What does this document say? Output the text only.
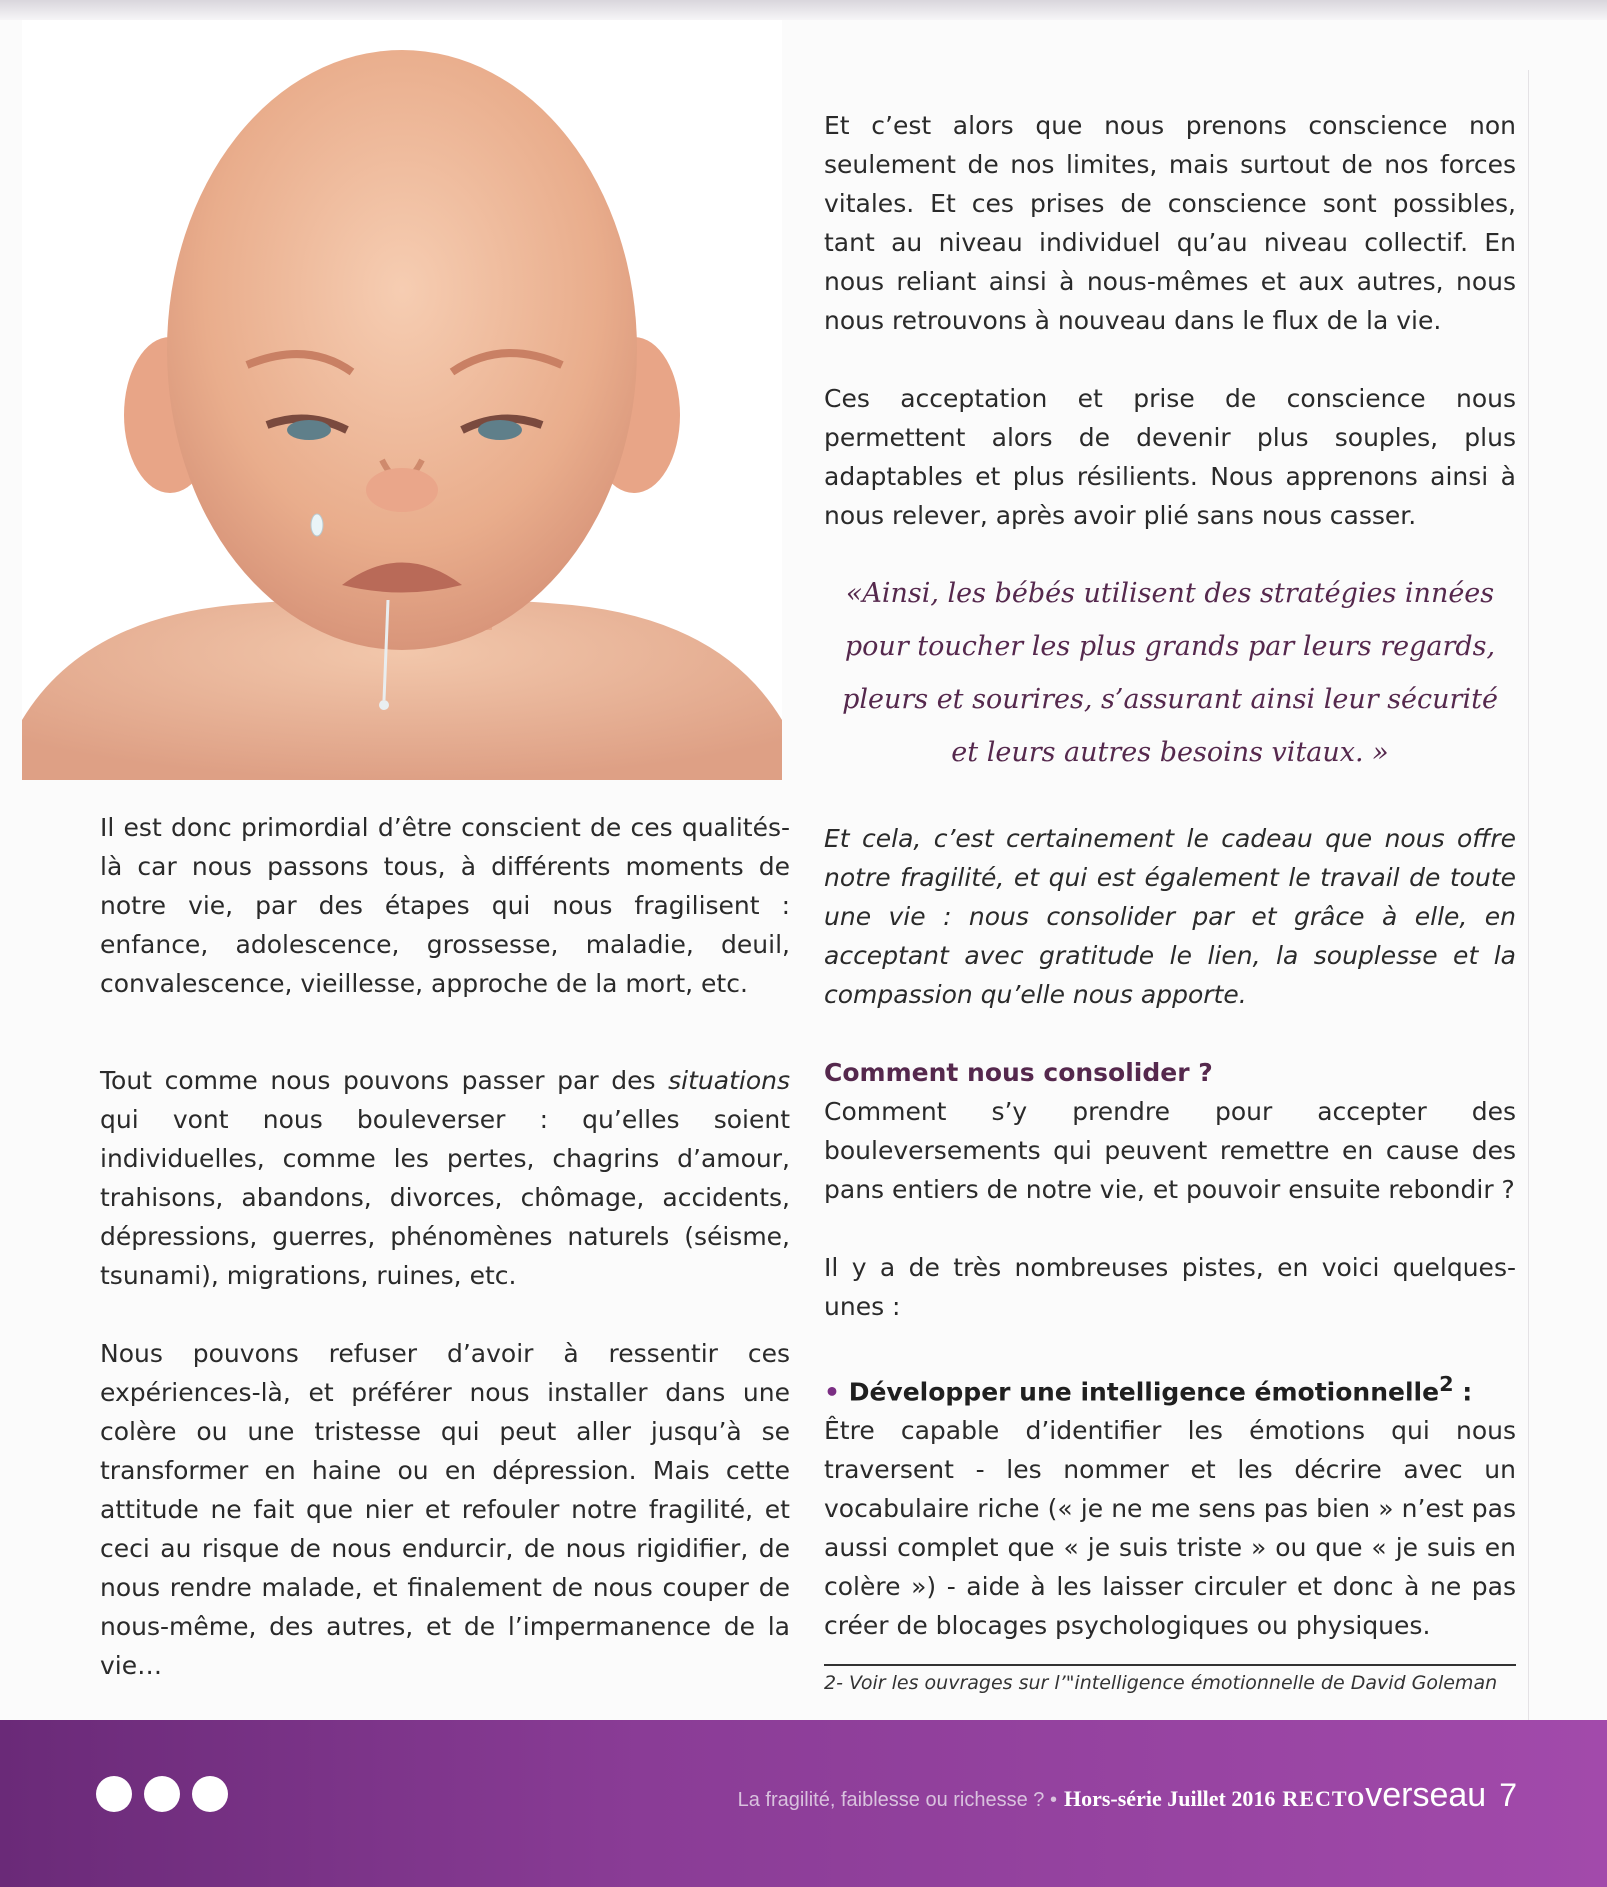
Il est donc primordial d’être conscient de ces qualités-là car nous passons tous, à différents moments de notre vie, par des étapes qui nous fragilisent : enfance, adolescence, grossesse, maladie, deuil, convalescence, vieillesse, approche de la mort, etc.

Tout comme nous pouvons passer par des situations qui vont nous bouleverser : qu’elles soient individuelles, comme les pertes, chagrins d’amour, trahisons, abandons, divorces, chômage, accidents, dépressions, guerres, phénomènes naturels (séisme, tsunami), migrations, ruines, etc.

Nous pouvons refuser d’avoir à ressentir ces expériences-là, et préférer nous installer dans une colère ou une tristesse qui peut aller jusqu’à se transformer en haine ou en dépression. Mais cette attitude ne fait que nier et refouler notre fragilité, et ceci au risque de nous endurcir, de nous rigidifier, de nous rendre malade, et finalement de nous couper de nous-même, des autres, et de l’impermanence de la vie…

Et c’est alors que nous prenons conscience non seulement de nos limites, mais surtout de nos forces vitales. Et ces prises de conscience sont possibles, tant au niveau individuel qu’au niveau collectif. En nous reliant ainsi à nous-mêmes et aux autres, nous nous retrouvons à nouveau dans le flux de la vie.

Ces acceptation et prise de conscience nous permettent alors de devenir plus souples, plus adaptables et plus résilients. Nous apprenons ainsi à nous relever, après avoir plié sans nous casser.

«Ainsi, les bébés utilisent des stratégies innées
pour toucher les plus grands par leurs regards,
pleurs et sourires, s’assurant ainsi leur sécurité
et leurs autres besoins vitaux. »

Et cela, c’est certainement le cadeau que nous offre notre fragilité, et qui est également le travail de toute une vie : nous consolider par et grâce à elle, en acceptant avec gratitude le lien, la souplesse et la compassion qu’elle nous apporte.

Comment nous consolider ?

Comment s’y prendre pour accepter des bouleversements qui peuvent remettre en cause des pans entiers de notre vie, et pouvoir ensuite rebondir ?

Il y a de très nombreuses pistes, en voici quelques-unes :

• Développer une intelligence émotionnelle$^2$ :

Être capable d’identifier les émotions qui nous traversent - les nommer et les décrire avec un vocabulaire riche (« je ne me sens pas bien » n’est pas aussi complet que « je suis triste » ou que « je suis en colère ») - aide à les laisser circuler et donc à ne pas créer de blocages psychologiques ou physiques.

2- Voir les ouvrages sur l’"intelligence émotionnelle de David Goleman
La fragilité, faiblesse ou richesse ? • Hors-série Juillet 2016 RECTOverseau 7
